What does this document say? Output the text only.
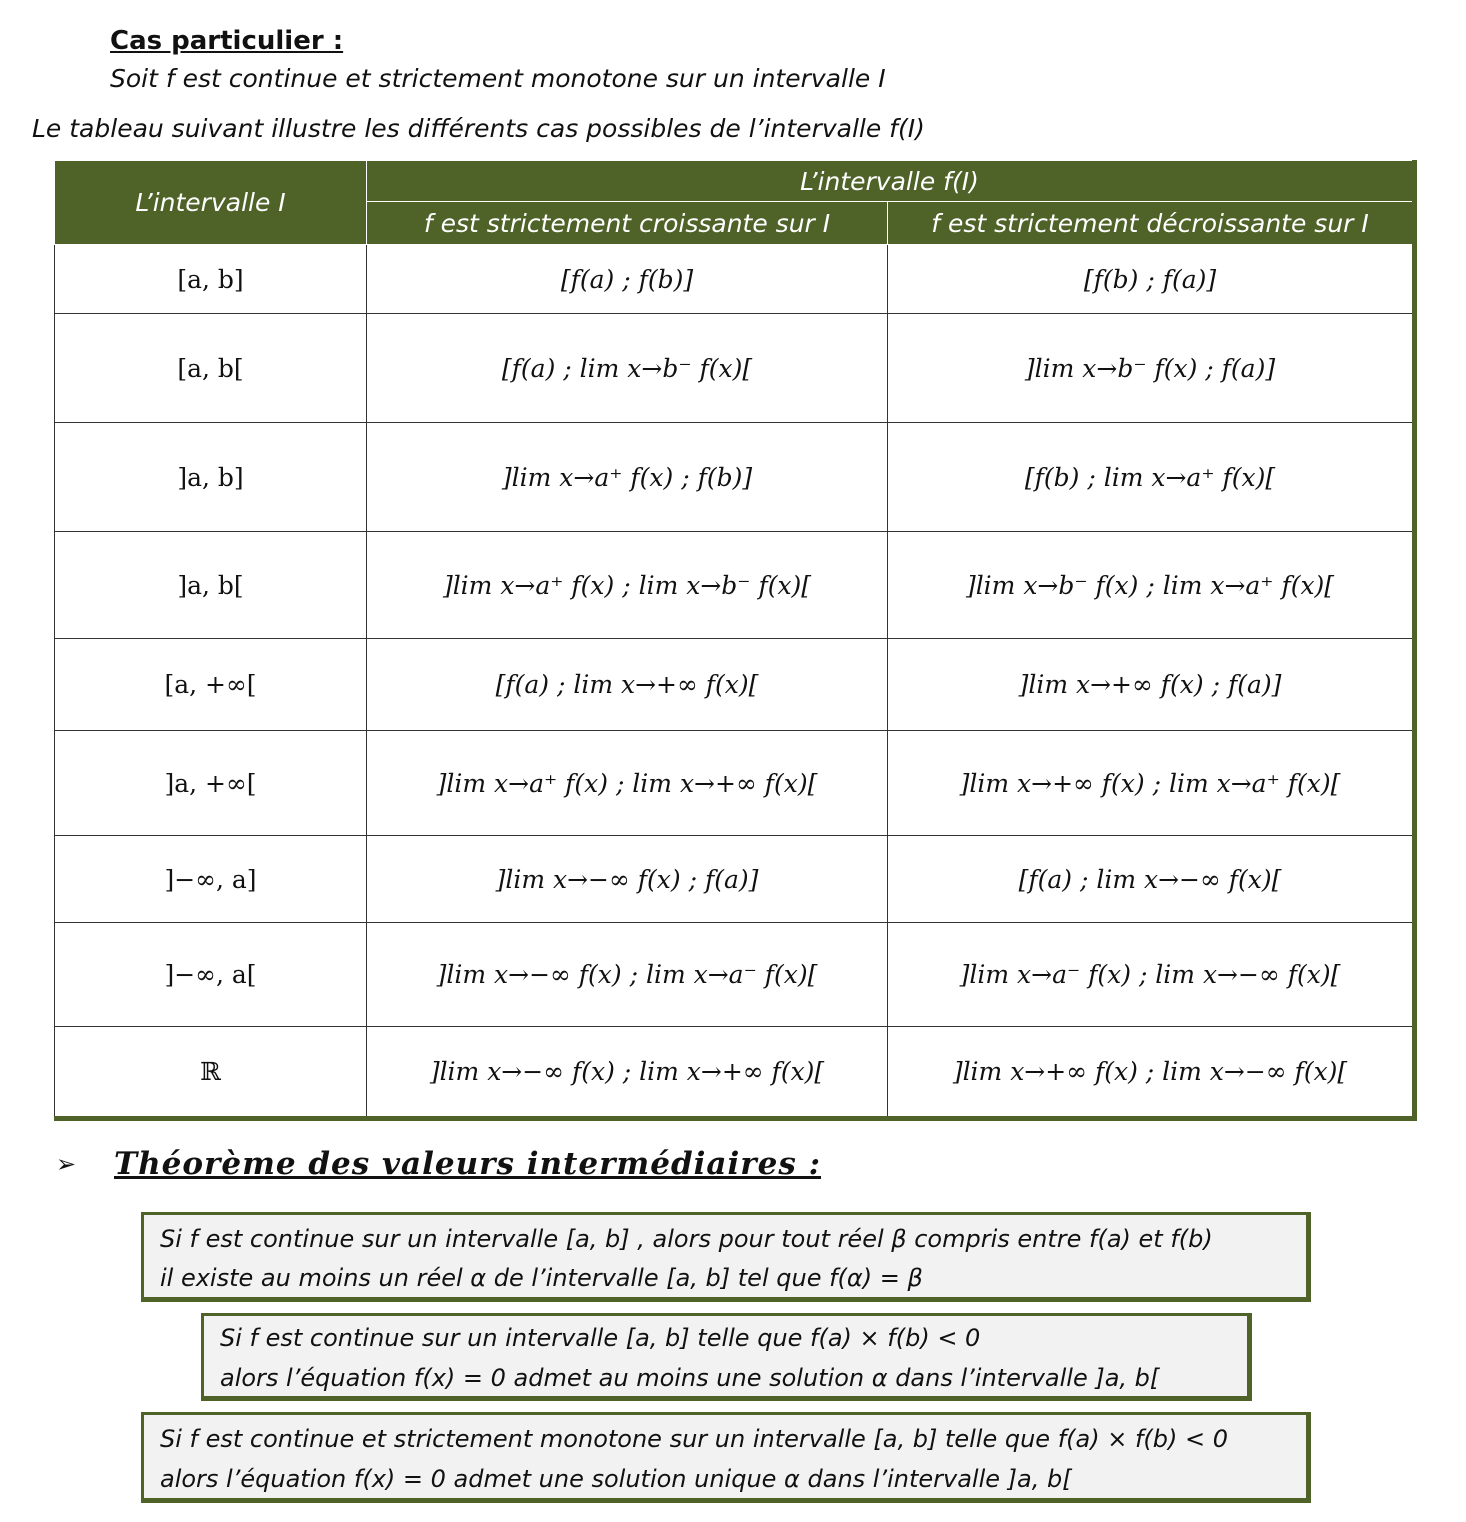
Cas particulier :
Soit f est continue et strictement monotone sur un intervalle I
Le tableau suivant illustre les différents cas possibles de l’intervalle f(I)
L’intervalle I	L’intervalle f(I)	
	f est strictement croissante sur I	f est strictement décroissante sur I
[a, b]	[f(a) ; f(b)]	[f(b) ; f(a)]
[a, b[	[f(a) ; lim x→b⁻ f(x)[	]lim x→b⁻ f(x) ; f(a)]
]a, b]	]lim x→a⁺ f(x) ; f(b)]	[f(b) ; lim x→a⁺ f(x)[
]a, b[	]lim x→a⁺ f(x) ; lim x→b⁻ f(x)[	]lim x→b⁻ f(x) ; lim x→a⁺ f(x)[
[a, +∞[	[f(a) ; lim x→+∞ f(x)[	]lim x→+∞ f(x) ; f(a)]
]a, +∞[	]lim x→a⁺ f(x) ; lim x→+∞ f(x)[	]lim x→+∞ f(x) ; lim x→a⁺ f(x)[
]−∞, a]	]lim x→−∞ f(x) ; f(a)]	[f(a) ; lim x→−∞ f(x)[
]−∞, a[	]lim x→−∞ f(x) ; lim x→a⁻ f(x)[	]lim x→a⁻ f(x) ; lim x→−∞ f(x)[
ℝ	]lim x→−∞ f(x) ; lim x→+∞ f(x)[	]lim x→+∞ f(x) ; lim x→−∞ f(x)[
➢ Théorème des valeurs intermédiaires :
Si f est continue sur un intervalle [a, b] , alors pour tout réel β compris entre f(a) et f(b)
il existe au moins un réel α de l’intervalle [a, b] tel que f(α) = β
Si f est continue sur un intervalle [a, b] telle que f(a) × f(b) < 0
alors l’équation f(x) = 0 admet au moins une solution α dans l’intervalle ]a, b[
Si f est continue et strictement monotone sur un intervalle [a, b] telle que f(a) × f(b) < 0
alors l’équation f(x) = 0 admet une solution unique α dans l’intervalle ]a, b[
